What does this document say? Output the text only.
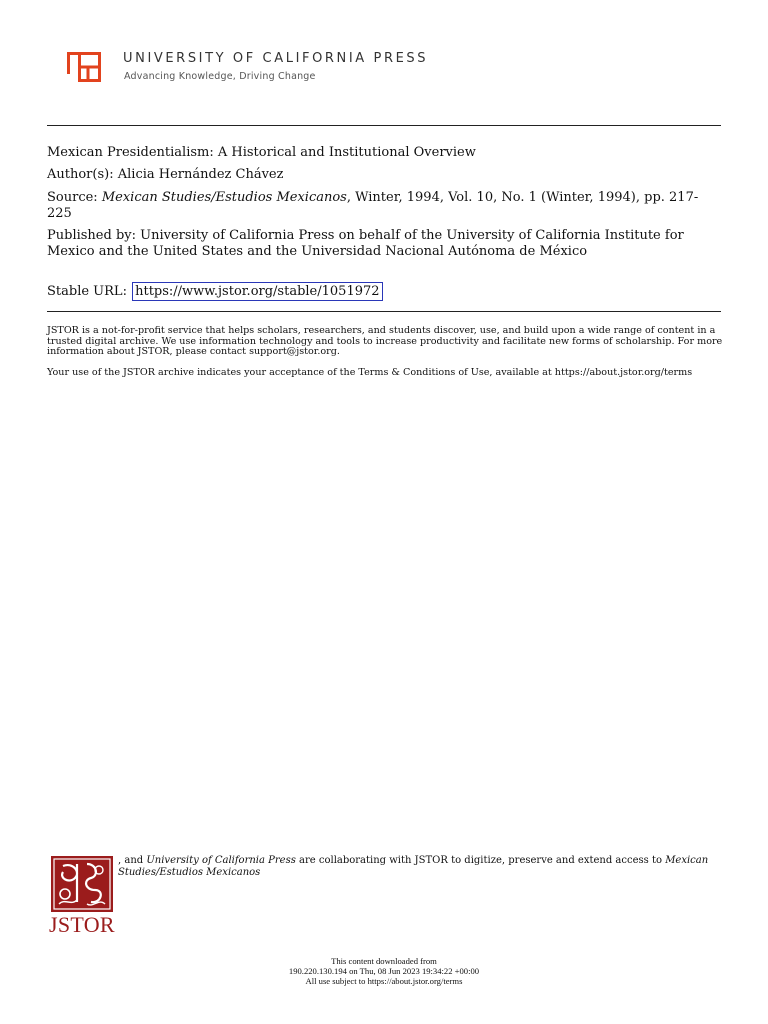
UNIVERSITY OF CALIFORNIA PRESS
Advancing Knowledge, Driving Change
Mexican Presidentialism: A Historical and Institutional Overview
Author(s): Alicia Hernández Chávez
Source: Mexican Studies/Estudios Mexicanos, Winter, 1994, Vol. 10, No. 1 (Winter, 1994), pp. 217-225
Published by: University of California Press on behalf of the University of California Institute for Mexico and the United States and the Universidad Nacional Autónoma de México
Stable URL: https://www.jstor.org/stable/1051972
JSTOR is a not-for-profit service that helps scholars, researchers, and students discover, use, and build upon a wide range of content in a trusted digital archive. We use information technology and tools to increase productivity and facilitate new forms of scholarship. For more information about JSTOR, please contact support@jstor.org.
Your use of the JSTOR archive indicates your acceptance of the Terms & Conditions of Use, available at https://about.jstor.org/terms
JSTOR
, and University of California Press are collaborating with JSTOR to digitize, preserve and extend access to Mexican Studies/Estudios Mexicanos
This content downloaded from
190.220.130.194 on Thu, 08 Jun 2023 19:34:22 +00:00
All use subject to https://about.jstor.org/terms
